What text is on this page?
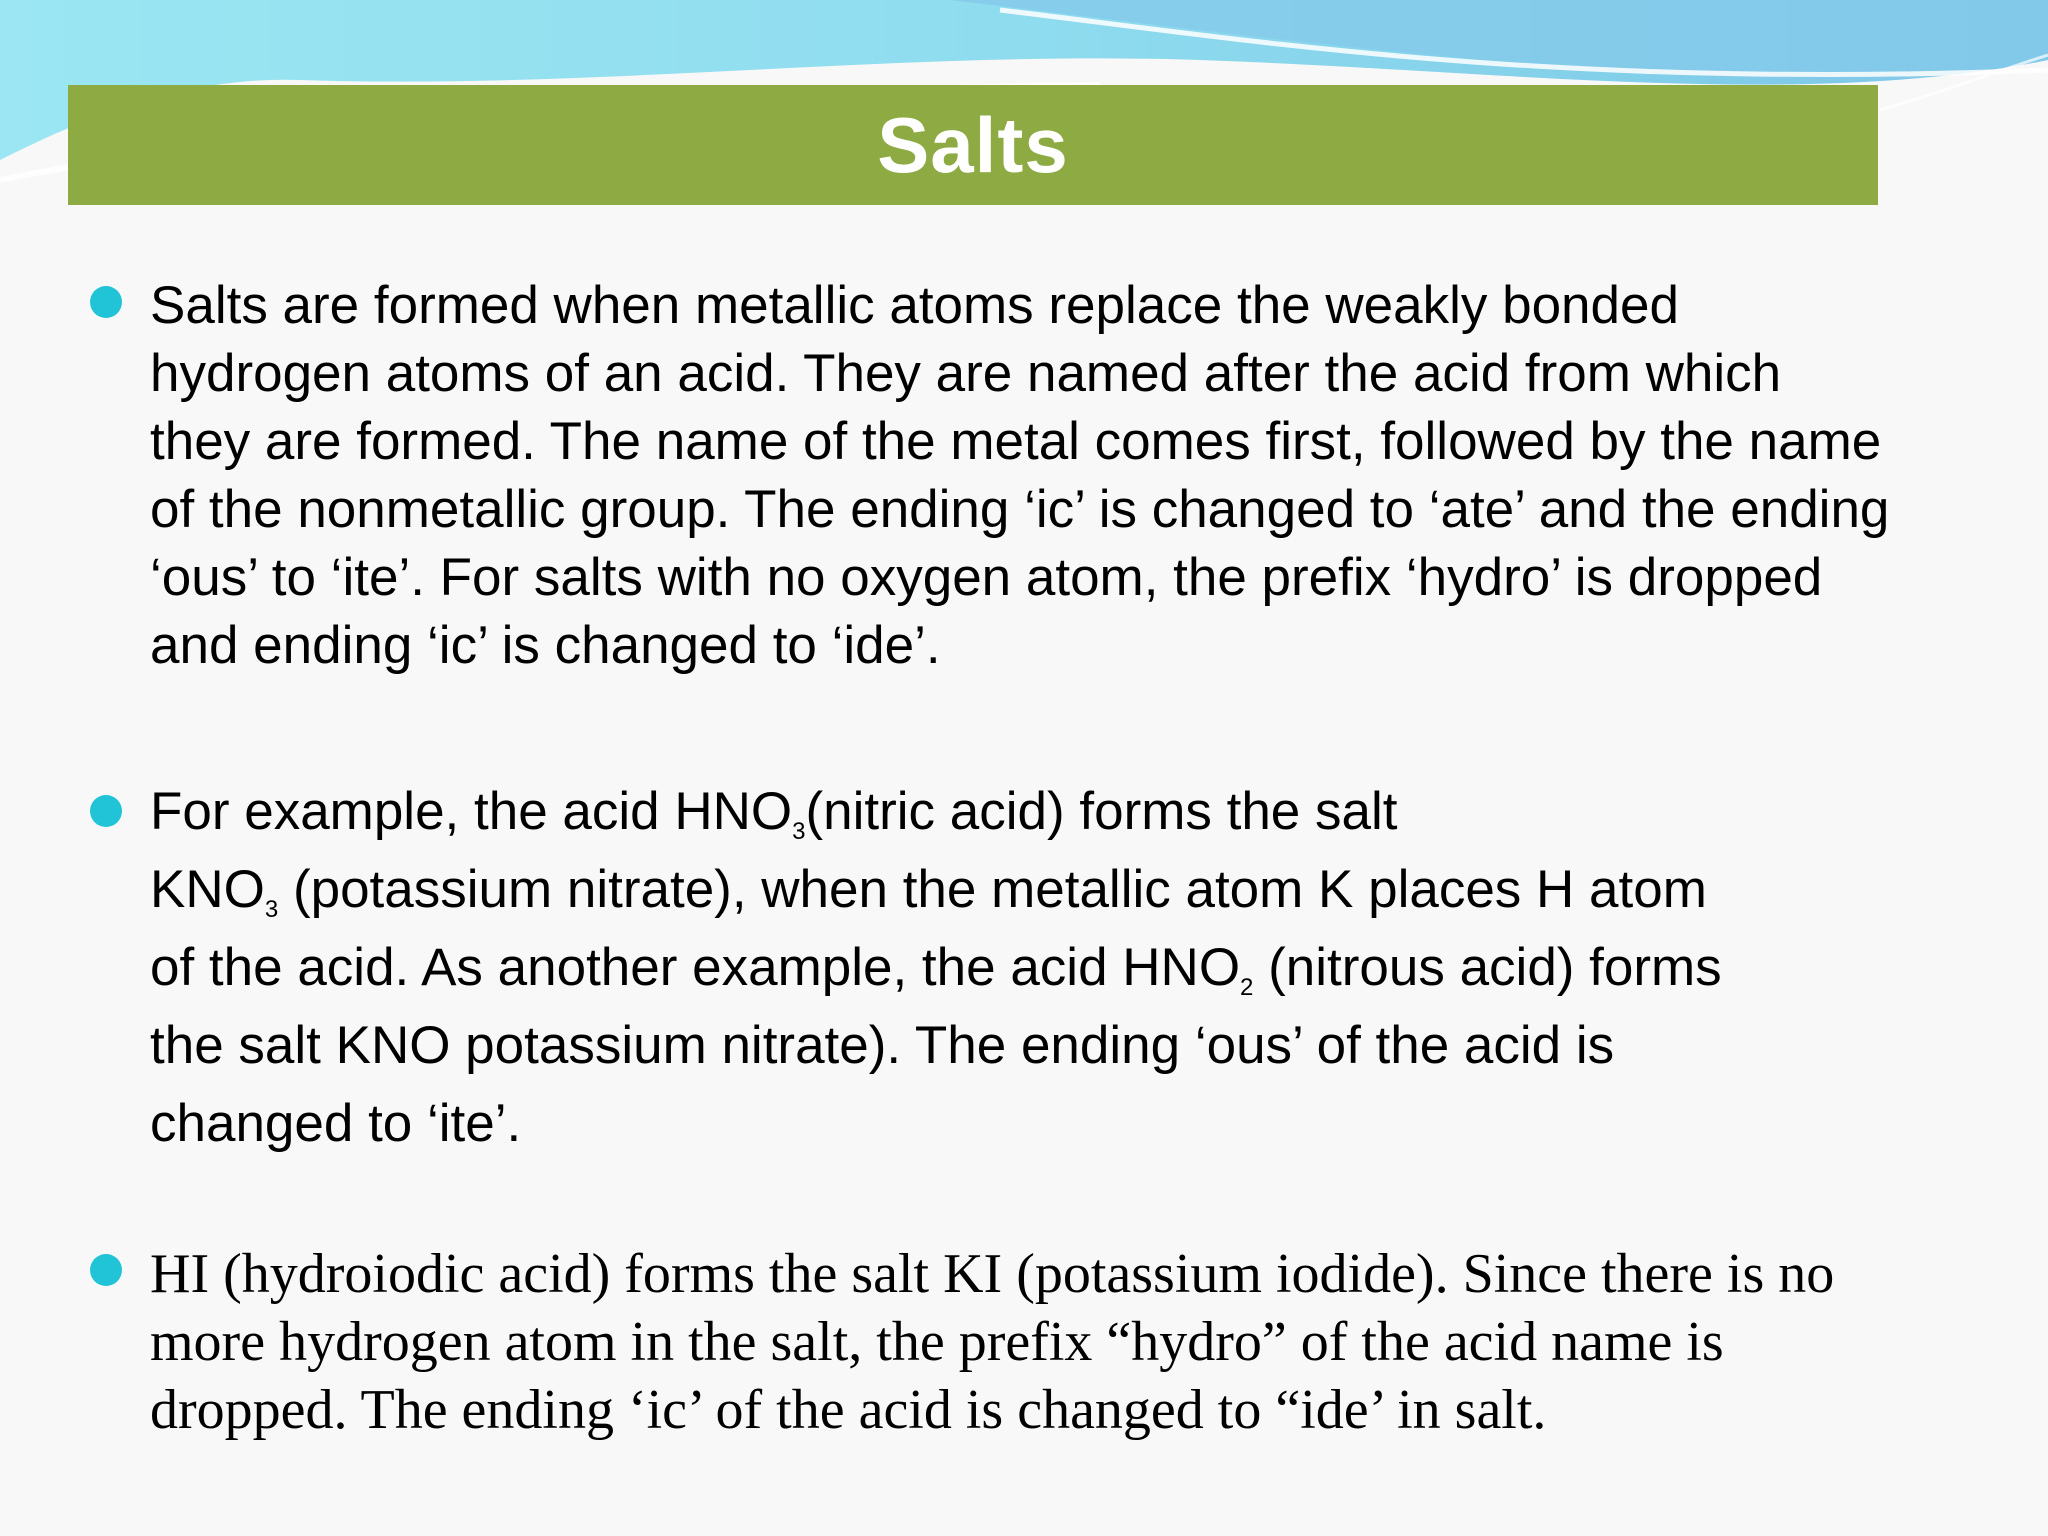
Salts
Salts are formed when metallic atoms replace the weakly bonded hydrogen atoms of an acid. They are named after the acid from which they are formed. The name of the metal comes first, followed by the name of the nonmetallic group. The ending ‘ic’ is changed to ‘ate’ and the ending ‘ous’ to ‘ite’. For salts with no oxygen atom, the prefix ‘hydro’ is dropped and ending ‘ic’ is changed to ‘ide’.
For example, the acid $HNO_3(nitric$ acid) forms the salt
$KNO_3$ (potassium nitrate), when the metallic atom K places H atom
of the acid. As another example, the acid $HNO_2$ (nitrous acid) forms
the salt KNO potassium nitrate). The ending ‘ous’ of the acid is
changed to ‘ite’.
HI (hydroiodic acid) forms the salt KI (potassium iodide). Since there is no more hydrogen atom in the salt, the prefix “hydro” of the acid name is dropped. The ending ‘ic’ of the acid is changed to “ide’ in salt.
